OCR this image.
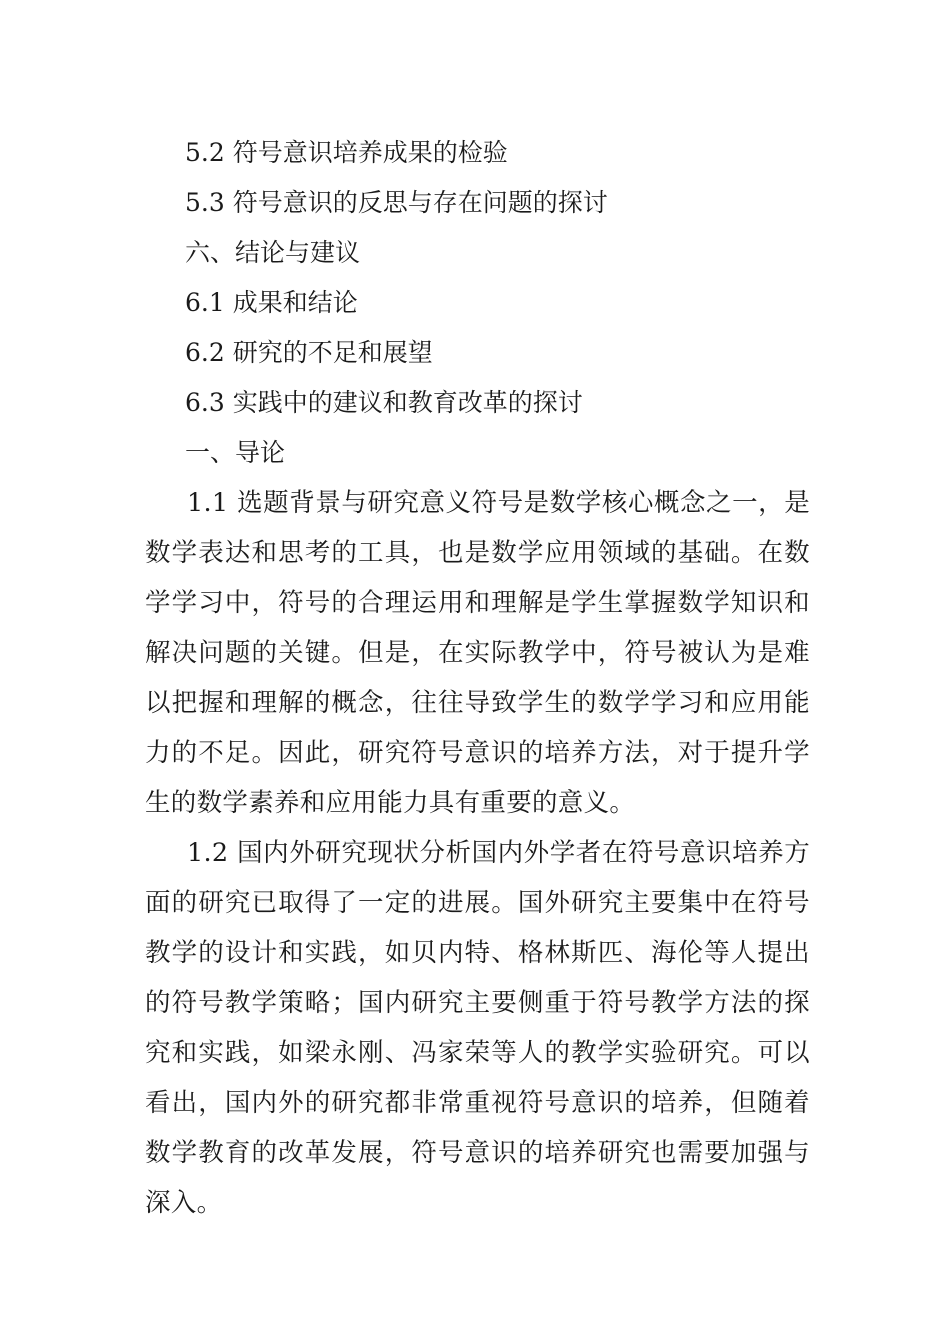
5.2 符号意识培养成果的检验
5.3 符号意识的反思与存在问题的探讨
六、结论与建议
6.1 成果和结论
6.2 研究的不足和展望
6.3 实践中的建议和教育改革的探讨
一、导论

1.1 选题背景与研究意义符号是数学核心概念之一，是数学表达和思考的工具，也是数学应用领域的基础。在数学学习中，符号的合理运用和理解是学生掌握数学知识和解决问题的关键。但是，在实际教学中，符号被认为是难以把握和理解的概念，往往导致学生的数学学习和应用能力的不足。因此，研究符号意识的培养方法，对于提升学生的数学素养和应用能力具有重要的意义。

1.2 国内外研究现状分析国内外学者在符号意识培养方面的研究已取得了一定的进展。国外研究主要集中在符号教学的设计和实践，如贝内特、格林斯匹、海伦等人提出的符号教学策略；国内研究主要侧重于符号教学方法的探究和实践，如梁永刚、冯家荣等人的教学实验研究。可以看出，国内外的研究都非常重视符号意识的培养，但随着数学教育的改革发展，符号意识的培养研究也需要加强与深入。
